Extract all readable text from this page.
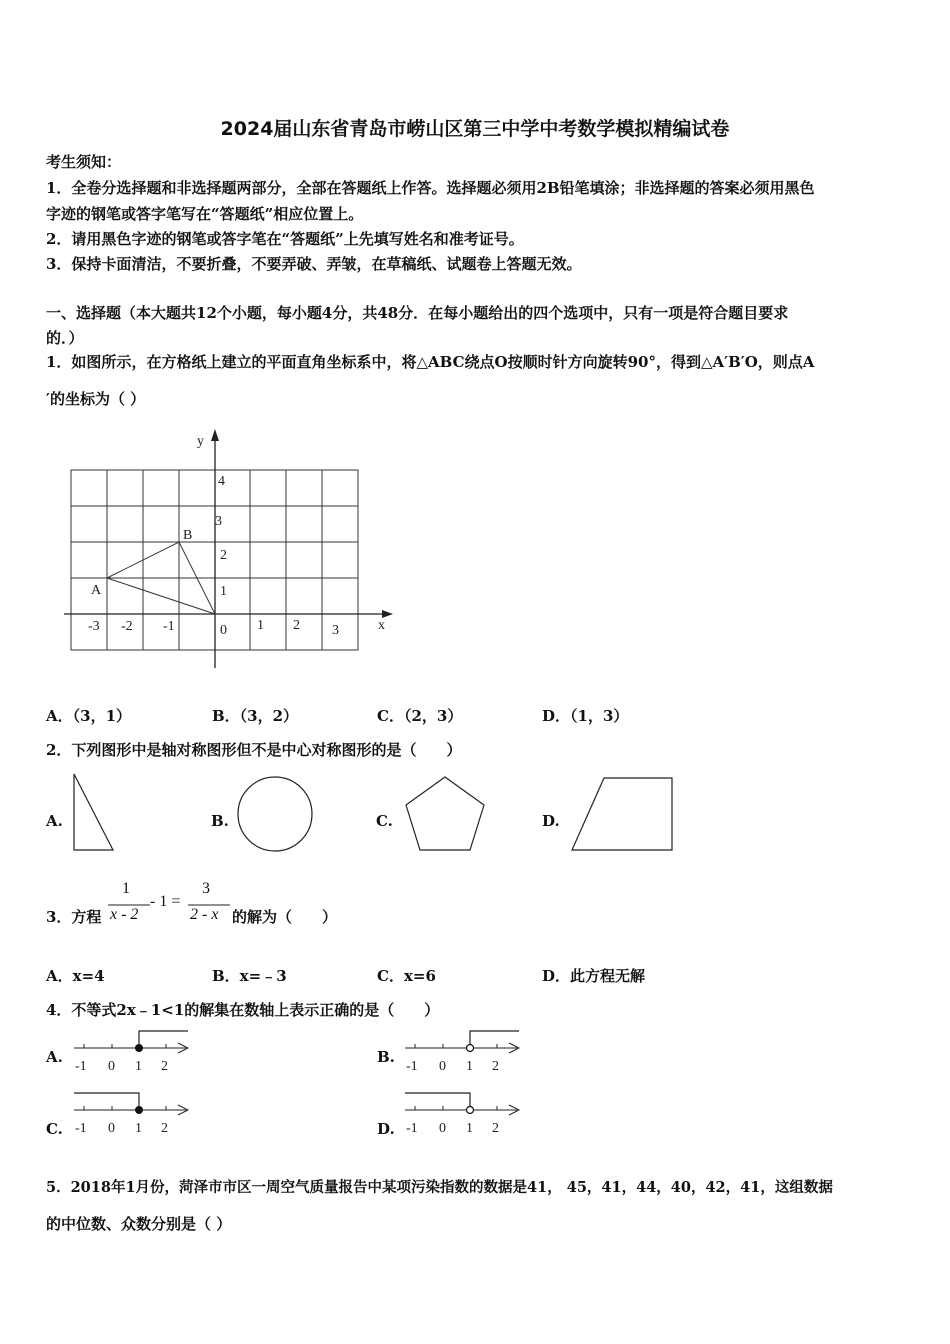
2024届山东省青岛市崂山区第三中学中考数学模拟精编试卷
考生须知：
1．全卷分选择题和非选择题两部分，全部在答题纸上作答。选择题必须用2B铅笔填涂；非选择题的答案必须用黑色
字迹的钢笔或答字笔写在“答题纸”相应位置上。
2．请用黑色字迹的钢笔或答字笔在“答题纸”上先填写姓名和准考证号。
3．保持卡面清洁，不要折叠，不要弄破、弄皱，在草稿纸、试题卷上答题无效。
一、选择题（本大题共12个小题，每小题4分，共48分．在每小题给出的四个选项中，只有一项是符合题目要求
的．）
1．如图所示，在方格纸上建立的平面直角坐标系中，将△ABC绕点O按顺时针方向旋转90°，得到△A′B′O，则点A
′的坐标为（ ）
x
y
0
-3 -2 -1	1 2 3
1
2
3
4
A
B
A．（3，1）	B．（3，2）	C．（2，3）	D．（1，3）
2．下列图形中是轴对称图形但不是中心对称图形的是（　　）
A.	B.	C.	D.
3．方程
1
x - 2
- 1 =
3
2 - x 的解为（　　）
A．x=4	B．x=﹣3	C．x=6	D．此方程无解
4．不等式2x﹣1<1的解集在数轴上表示正确的是（　　）
A.
-1 0 1 2
B.
-1 0 1 2
C. -1 0 1 2	D. -1 0 1 2
5．2018年1月份，菏泽市市区一周空气质量报告中某项污染指数的数据是41， 45，41，44，40，42，41，这组数据
的中位数、众数分别是（ ）
